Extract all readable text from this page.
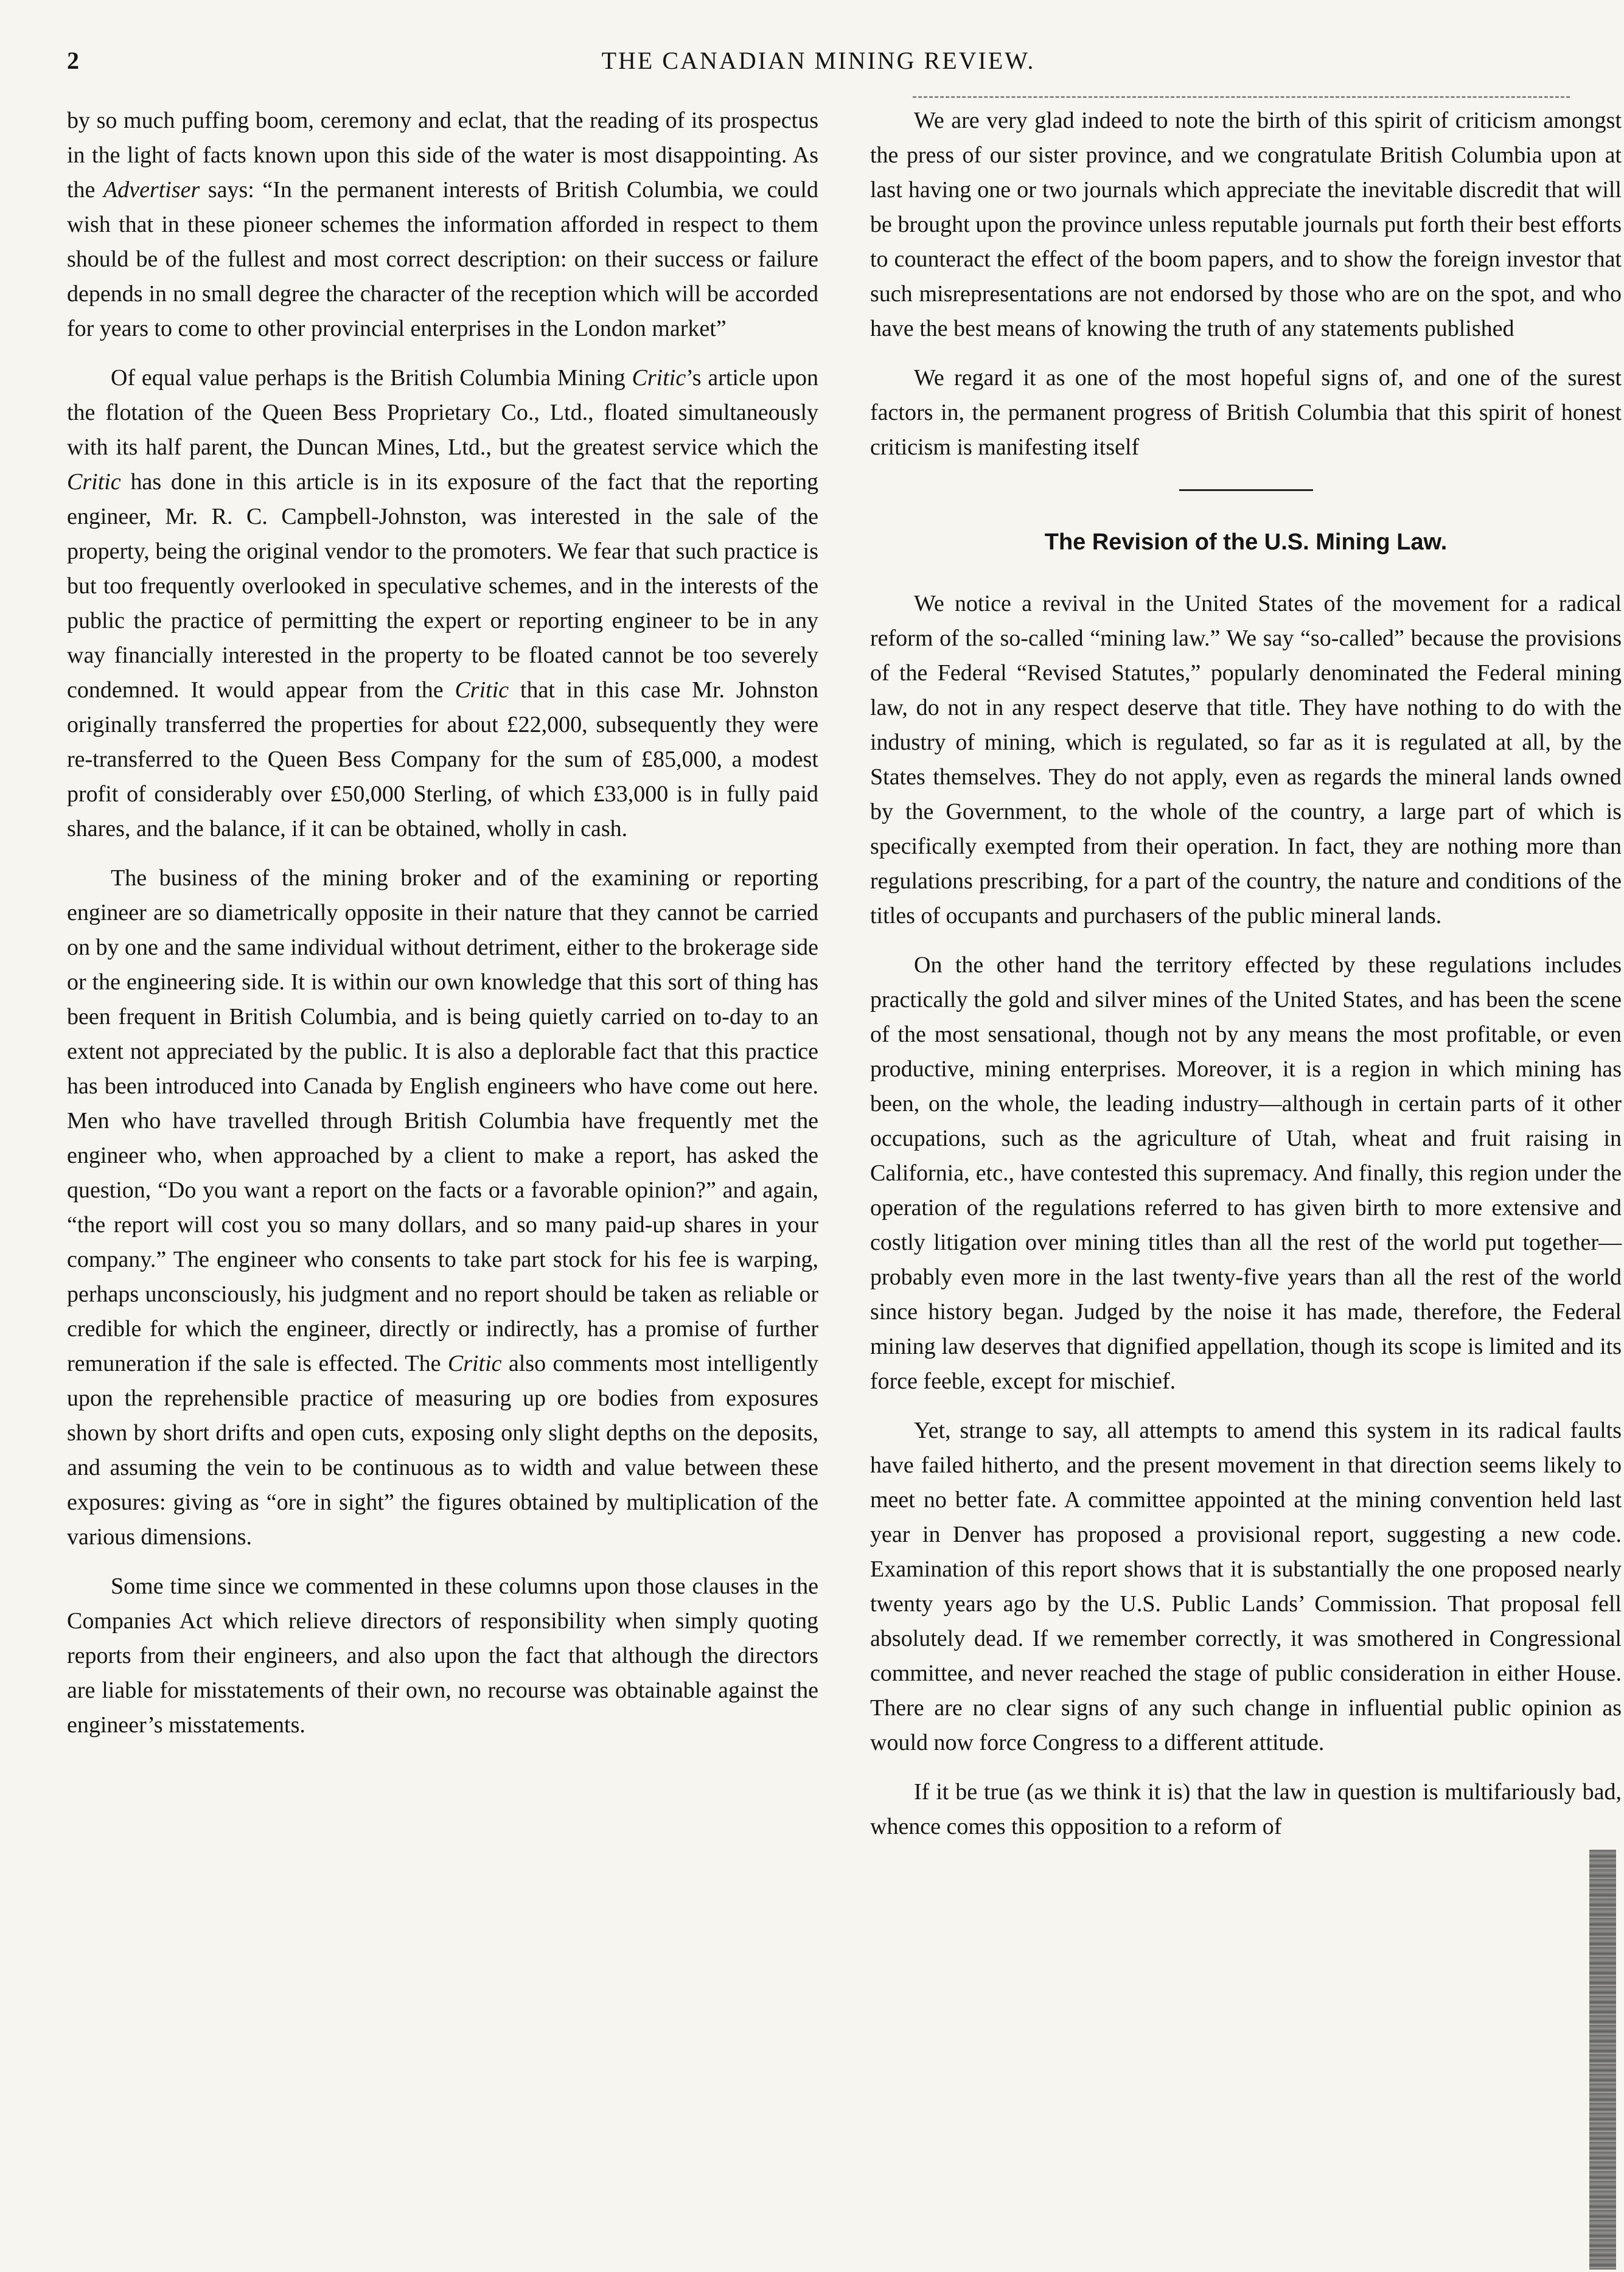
2	THE CANADIAN MINING REVIEW.

by so much puffing boom, ceremony and eclat, that the reading of its prospectus in the light of facts known upon this side of the water is most disappointing. As the Advertiser says: “In the permanent interests of British Columbia, we could wish that in these pioneer schemes the information afforded in respect to them should be of the fullest and most correct description: on their success or failure depends in no small degree the character of the reception which will be accorded for years to come to other provincial enterprises in the London market”

Of equal value perhaps is the British Columbia Mining Critic’s article upon the flotation of the Queen Bess Proprietary Co., Ltd., floated simultaneously with its half parent, the Duncan Mines, Ltd., but the greatest service which the Critic has done in this article is in its exposure of the fact that the reporting engineer, Mr. R. C. Campbell-Johnston, was interested in the sale of the property, being the original vendor to the promoters. We fear that such practice is but too frequently overlooked in speculative schemes, and in the interests of the public the practice of permitting the expert or reporting engineer to be in any way financially interested in the property to be floated cannot be too severely condemned. It would appear from the Critic that in this case Mr. Johnston originally transferred the properties for about £22,000, subsequently they were re-transferred to the Queen Bess Company for the sum of £85,000, a modest profit of considerably over £50,000 Sterling, of which £33,000 is in fully paid shares, and the balance, if it can be obtained, wholly in cash.

The business of the mining broker and of the examining or reporting engineer are so diametrically opposite in their nature that they cannot be carried on by one and the same individual without detriment, either to the brokerage side or the engineering side. It is within our own knowledge that this sort of thing has been frequent in British Columbia, and is being quietly carried on to-day to an extent not appreciated by the public. It is also a deplorable fact that this practice has been introduced into Canada by English engineers who have come out here. Men who have travelled through British Columbia have frequently met the engineer who, when approached by a client to make a report, has asked the question, “Do you want a report on the facts or a favorable opinion?” and again, “the report will cost you so many dollars, and so many paid-up shares in your company.” The engineer who consents to take part stock for his fee is warping, perhaps unconsciously, his judgment and no report should be taken as reliable or credible for which the engineer, directly or indirectly, has a promise of further remuneration if the sale is effected. The Critic also comments most intelligently upon the reprehensible practice of measuring up ore bodies from exposures shown by short drifts and open cuts, exposing only slight depths on the deposits, and assuming the vein to be continuous as to width and value between these exposures: giving as “ore in sight” the figures obtained by multiplication of the various dimensions.

Some time since we commented in these columns upon those clauses in the Companies Act which relieve directors of responsibility when simply quoting reports from their engineers, and also upon the fact that although the directors are liable for misstatements of their own, no recourse was obtainable against the engineer’s misstatements.

We are very glad indeed to note the birth of this spirit of criticism amongst the press of our sister province, and we congratulate British Columbia upon at last having one or two journals which appreciate the inevitable discredit that will be brought upon the province unless reputable journals put forth their best efforts to counteract the effect of the boom papers, and to show the foreign investor that such misrepresentations are not endorsed by those who are on the spot, and who have the best means of knowing the truth of any statements published

We regard it as one of the most hopeful signs of, and one of the surest factors in, the permanent progress of British Columbia that this spirit of honest criticism is manifesting itself

The Revision of the U.S. Mining Law.

We notice a revival in the United States of the movement for a radical reform of the so-called “mining law.” We say “so-called” because the provisions of the Federal “Revised Statutes,” popularly denominated the Federal mining law, do not in any respect deserve that title. They have nothing to do with the industry of mining, which is regulated, so far as it is regulated at all, by the States themselves. They do not apply, even as regards the mineral lands owned by the Government, to the whole of the country, a large part of which is specifically exempted from their operation. In fact, they are nothing more than regulations prescribing, for a part of the country, the nature and conditions of the titles of occupants and purchasers of the public mineral lands.

On the other hand the territory effected by these regulations includes practically the gold and silver mines of the United States, and has been the scene of the most sensational, though not by any means the most profitable, or even productive, mining enterprises. Moreover, it is a region in which mining has been, on the whole, the leading industry—although in certain parts of it other occupations, such as the agriculture of Utah, wheat and fruit raising in California, etc., have contested this supremacy. And finally, this region under the operation of the regulations referred to has given birth to more extensive and costly litigation over mining titles than all the rest of the world put together—probably even more in the last twenty-five years than all the rest of the world since history began. Judged by the noise it has made, therefore, the Federal mining law deserves that dignified appellation, though its scope is limited and its force feeble, except for mischief.

Yet, strange to say, all attempts to amend this system in its radical faults have failed hitherto, and the present movement in that direction seems likely to meet no better fate. A committee appointed at the mining convention held last year in Denver has proposed a provisional report, suggesting a new code. Examination of this report shows that it is substantially the one proposed nearly twenty years ago by the U.S. Public Lands’ Commission. That proposal fell absolutely dead. If we remember correctly, it was smothered in Congressional committee, and never reached the stage of public consideration in either House. There are no clear signs of any such change in influential public opinion as would now force Congress to a different attitude.

If it be true (as we think it is) that the law in question is multifariously bad, whence comes this opposition to a reform of
